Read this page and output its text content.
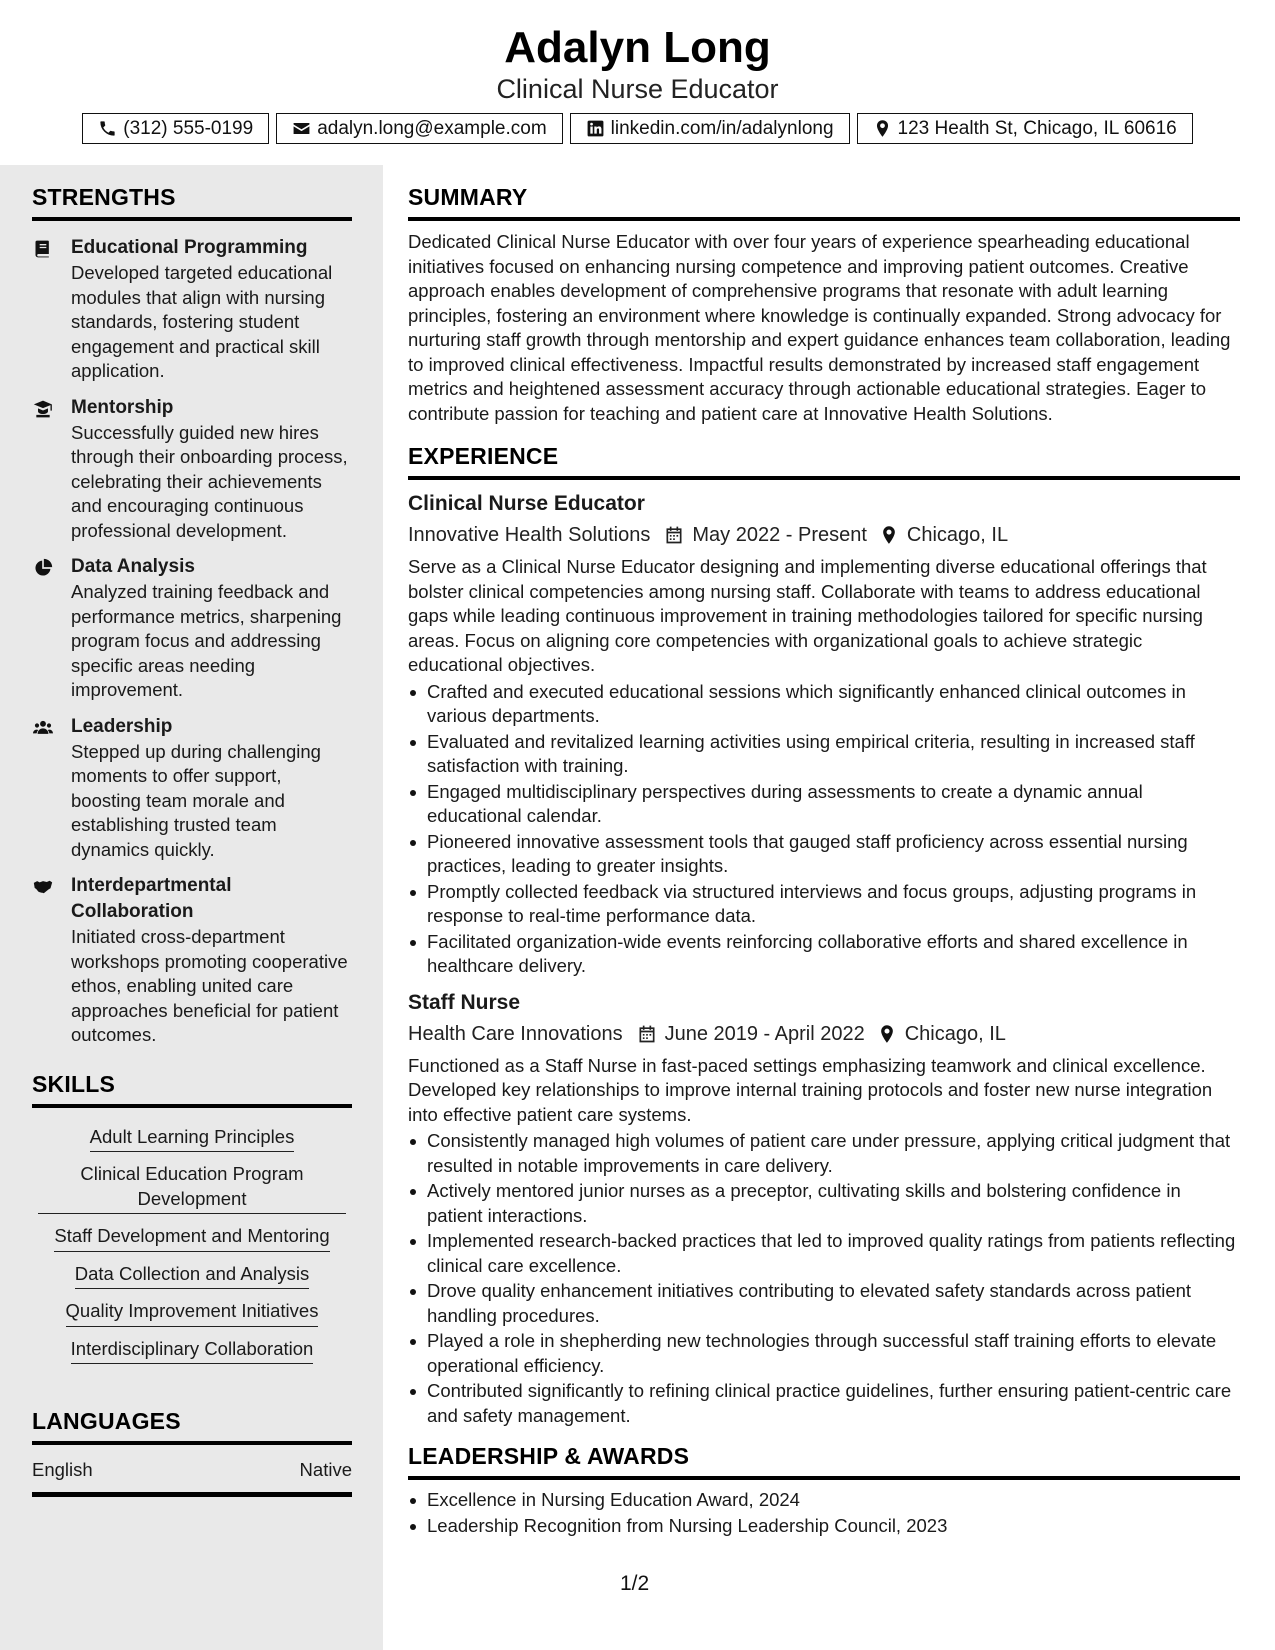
Adalyn Long
Clinical Nurse Educator
(312) 555-0199	adalyn.long@example.com	linkedin.com/in/adalynlong	123 Health St, Chicago, IL 60616
STRENGTHS
Educational Programming
Developed targeted educational modules that align with nursing standards, fostering student engagement and practical skill application.
Mentorship
Successfully guided new hires through their onboarding process, celebrating their achievements and encouraging continuous professional development.
Data Analysis
Analyzed training feedback and performance metrics, sharpening program focus and addressing specific areas needing improvement.
Leadership
Stepped up during challenging moments to offer support, boosting team morale and establishing trusted team dynamics quickly.
Interdepartmental Collaboration
Initiated cross-department workshops promoting cooperative ethos, enabling united care approaches beneficial for patient outcomes.
SKILLS
Adult Learning Principles
Clinical Education Program Development
Staff Development and Mentoring
Data Collection and Analysis
Quality Improvement Initiatives
Interdisciplinary Collaboration
LANGUAGES
English	Native
SUMMARY
Dedicated Clinical Nurse Educator with over four years of experience spearheading educational initiatives focused on enhancing nursing competence and improving patient outcomes. Creative approach enables development of comprehensive programs that resonate with adult learning principles, fostering an environment where knowledge is continually expanded. Strong advocacy for nurturing staff growth through mentorship and expert guidance enhances team collaboration, leading to improved clinical effectiveness. Impactful results demonstrated by increased staff engagement metrics and heightened assessment accuracy through actionable educational strategies. Eager to contribute passion for teaching and patient care at Innovative Health Solutions.
EXPERIENCE
Clinical Nurse Educator
Innovative Health Solutions May 2022 - Present Chicago, IL
Serve as a Clinical Nurse Educator designing and implementing diverse educational offerings that bolster clinical competencies among nursing staff. Collaborate with teams to address educational gaps while leading continuous improvement in training methodologies tailored for specific nursing areas. Focus on aligning core competencies with organizational goals to achieve strategic educational objectives.
Crafted and executed educational sessions which significantly enhanced clinical outcomes in various departments.
Evaluated and revitalized learning activities using empirical criteria, resulting in increased staff satisfaction with training.
Engaged multidisciplinary perspectives during assessments to create a dynamic annual educational calendar.
Pioneered innovative assessment tools that gauged staff proficiency across essential nursing practices, leading to greater insights.
Promptly collected feedback via structured interviews and focus groups, adjusting programs in response to real-time performance data.
Facilitated organization-wide events reinforcing collaborative efforts and shared excellence in healthcare delivery.
Staff Nurse
Health Care Innovations June 2019 - April 2022 Chicago, IL
Functioned as a Staff Nurse in fast-paced settings emphasizing teamwork and clinical excellence. Developed key relationships to improve internal training protocols and foster new nurse integration into effective patient care systems.
Consistently managed high volumes of patient care under pressure, applying critical judgment that resulted in notable improvements in care delivery.
Actively mentored junior nurses as a preceptor, cultivating skills and bolstering confidence in patient interactions.
Implemented research-backed practices that led to improved quality ratings from patients reflecting clinical care excellence.
Drove quality enhancement initiatives contributing to elevated safety standards across patient handling procedures.
Played a role in shepherding new technologies through successful staff training efforts to elevate operational efficiency.
Contributed significantly to refining clinical practice guidelines, further ensuring patient-centric care and safety management.
LEADERSHIP & AWARDS
Excellence in Nursing Education Award, 2024
Leadership Recognition from Nursing Leadership Council, 2023
1/2
